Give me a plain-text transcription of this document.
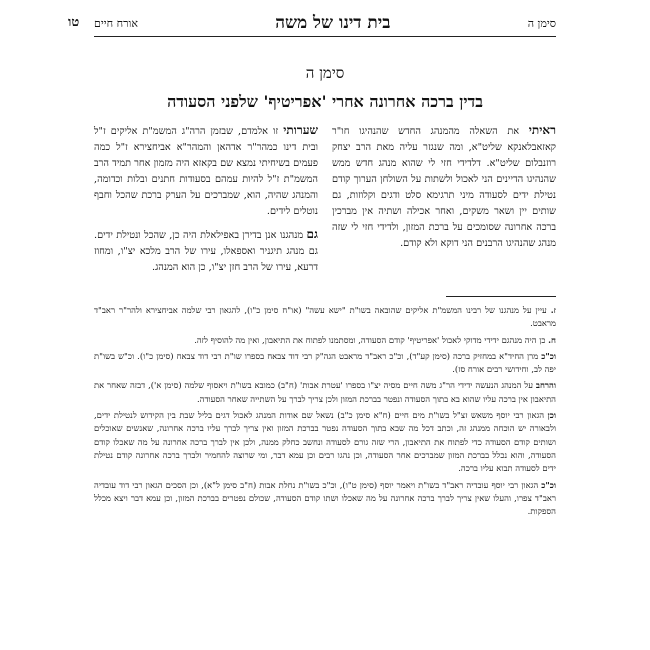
סימן ה
בית דינו של משה
אורח חיים
טו
סימן ה
בדין ברכה אחרונה אחרי 'אפריטיף' שלפני הסעודה

ראיתי את השאלה מהמנהג החדש שהנהיגו חו"ר קאזאבלאנקא שליט"א, ומה שנגזר עליה מאת הרב יצחק רוזנבלום שליט"א. דלדידי חזי לי שהוא מנהג חדש ממש שהנהיגו הדיינים הני לאכול ולשתות על השולחן הערוך קודם נטילת ידים לסעודה מיני תרגימא סלט ודגים וקלוזות, גם שותים יין ושאר משקים, ואחר אכילה ושתיה אין מברכין ברכה אחרונה שסומכים על ברכת המזון, ולדידי חזי לי שזה מנהג שהנהיגו הרבנים הני דוקא ולא קודם.

שערותי זו אלמדם, שבזמן הרה"ג המשמ"ת אליקים ז"ל ובית דינו כמהר"ר אדהאן והמהר"א אביחצירא ז"ל כמה פעמים בשיחיתי נמצא שם בקאזא היה מזמון אחר תמיד הרב המשמ"ת ז"ל להיות עמהם בסעודות חתנים ובלות וכדומה, והמנהג שהיה, הוא, שמברכים על הערק ברכת שהכל וחבף נוטלים לידים.

גם מנהגנו אנן בדירן באפילאלת היה כן, שהכל ונטילת ידים. גם מנהג תיגניר ואספאלו, עירו של הרב מלכא יצ"ו, ומחוז דרעא, עירו של הרב חזן יצ"ו, כן הוא המנהג.

ז. עיין על מנהגנו של רבינו המשמ"ת אליקים שהובאה בשו"ת "ישא עשה" (או"ח סימן כ"ו), להגאון רבי שלמה אביחצירא ולהר"ר ראב"ד מראבט.

ח. כן היה מנהגם ידידי מדוקי לאכול 'אפריטיף' קודם הסעודה, ומסתמנו לפתוח את התיאבון, ואין מה להוסיף לזה.

וכ"כ מרן החיד"א במחזיק ברכה (סימן קע"ד), וכ"כ ראב"ד מראבט הגה"ק רבי דוד צבאח בספרו שו"ת רבי דוד צבאח (סימן כ"ו). וכ"ש בשו"ת יפה לב, וחידושי רבים אורח סז).

והרחב על המנהג הנעשה ידידי הר"ג משה חיים מסיה יצ"ו בספרו 'עטרת אבות' (ח"ב) כמובא בשו"ת ויאסוף שלמה (סימן א'), דבזה שאחר את התיאבון אין ברכה עליו שהוא בא בתוך הסעודה ונפטר בברכת המזון ולכן צריך לברך על השתייה שאחר הסעודה.

וכן הגאון רבי יוסף משאש זצ"ל בשו"ת מים חיים (ח"א סימן כ"ב) נשאל שם אודות המנהג לאכול דגים בליל שבת בין הקידוש לנטילת ידים, ולבאורה יש הוכחה ממנהג זה, וכתב דכל מה שבא בתוך הסעודה נפטר בברכת המזון ואין צריך לברך עליו ברכה אחרונה, שאנשים שאוכלים ושותים קודם הסעודה כדי לפתוח את התיאבון, הרי שזה גורם לסעודה ונחשב כחלק ממנה, ולכן אין לברך ברכה אחרונה על מה שאכלו קודם הסעודה, והוא נכלל בברכת המזון שמברכים אחר הסעודה, וכן נהגו רבים וכן עמא דבר, ומי שרוצה להחמיר ולברך ברכה אחרונה קודם נטילת ידים לסעודה תבוא עליו ברכה.

וכ"כ הגאון רבי יוסף עובדיה ראב"ד בשו"ת ויאמר יוסף (סימן ט"ו), וכ"כ בשו"ת נחלת אבות (ח"ב סימן ל"א), וכן הסכים הגאון רבי דוד עובדיה ראב"ד צפרו, והעלו שאין צריך לברך ברכה אחרונה על מה שאכלו ושתו קודם הסעודה, שכולם נפטרים בברכת המזון, וכן עמא דבר ויצא מכלל הספקות.
